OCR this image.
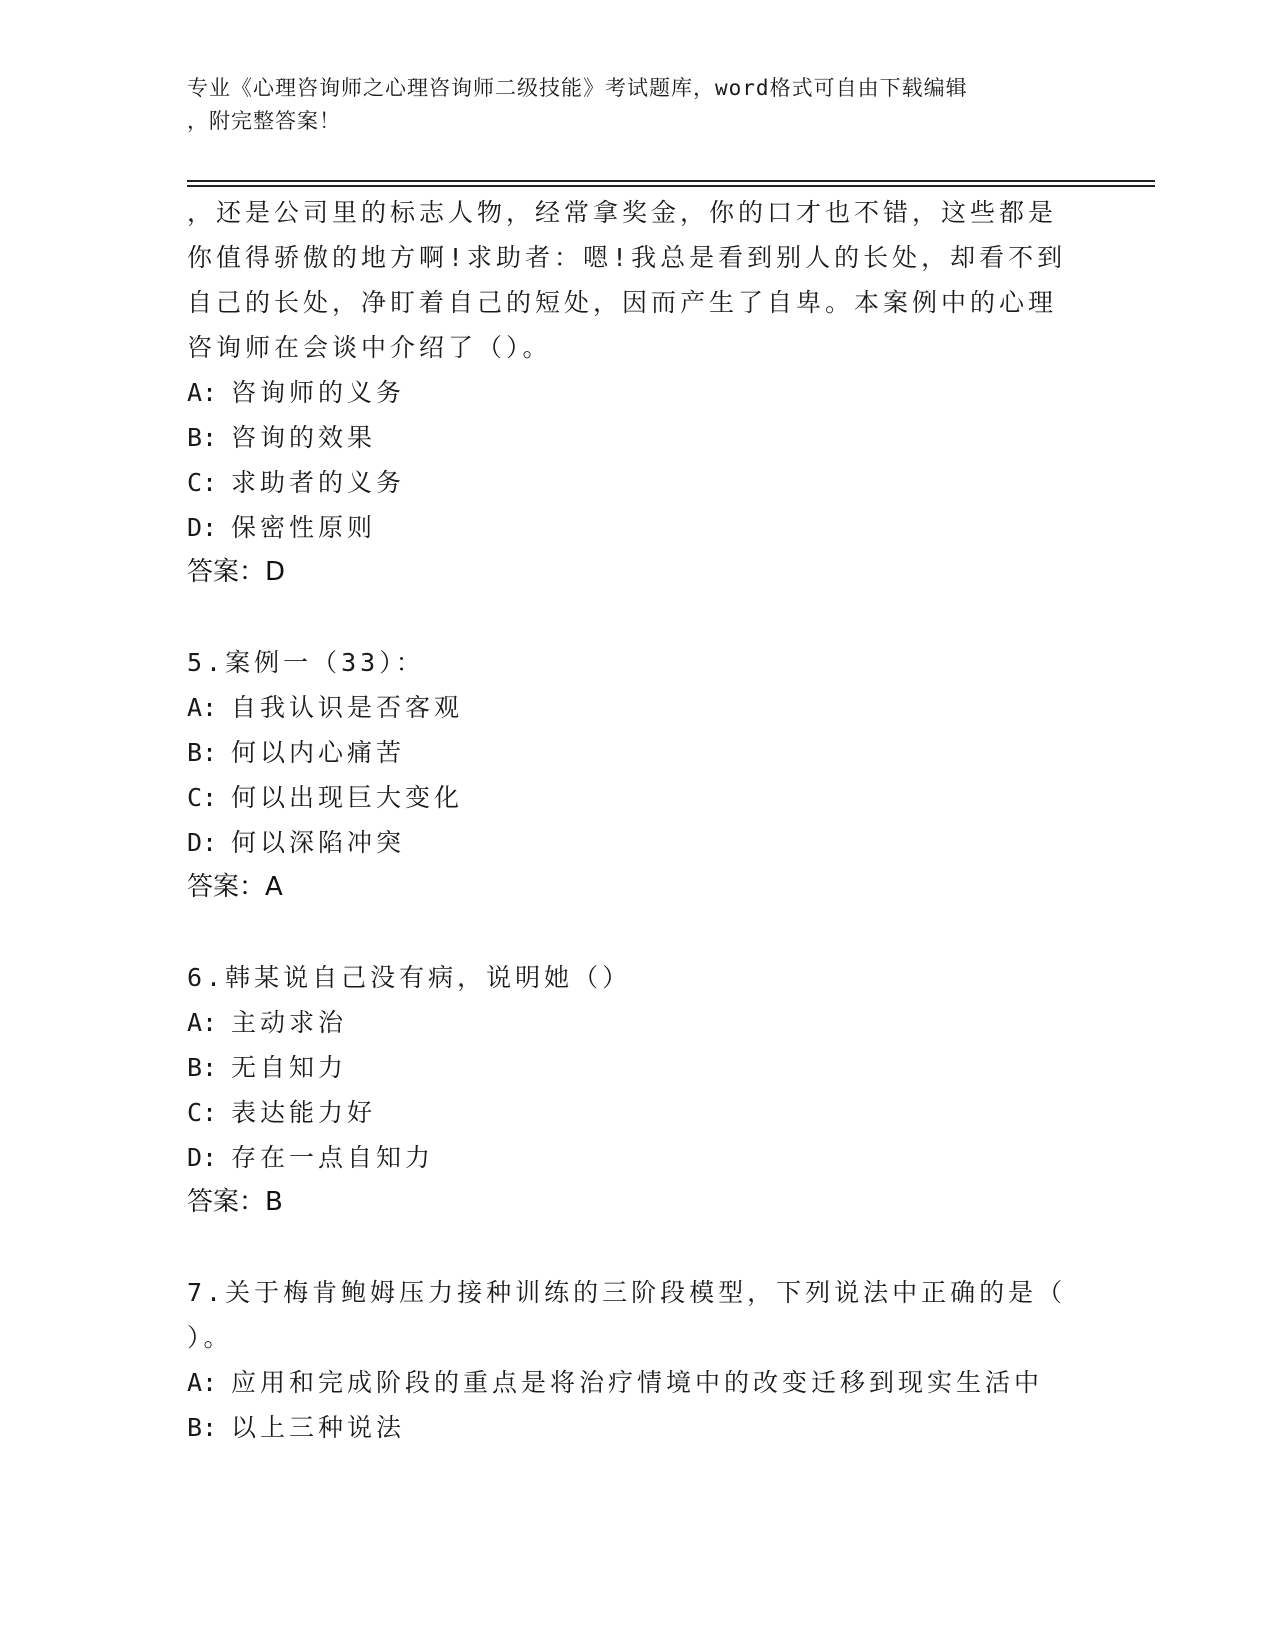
专业《心理咨询师之心理咨询师二级技能》考试题库，word格式可自由下载编辑
，附完整答案！
，还是公司里的标志人物，经常拿奖金，你的口才也不错，这些都是
你值得骄傲的地方啊!求助者：嗯!我总是看到别人的长处，却看不到
自己的长处，净盯着自己的短处，因而产生了自卑。本案例中的心理
咨询师在会谈中介绍了（）。
A: 咨询师的义务
B: 咨询的效果
C: 求助者的义务
D: 保密性原则
答案：D
5.案例一（33）：
A: 自我认识是否客观
B: 何以内心痛苦
C: 何以出现巨大变化
D: 何以深陷冲突
答案：A
6.韩某说自己没有病，说明她（）
A: 主动求治
B: 无自知力
C: 表达能力好
D: 存在一点自知力
答案：B
7.关于梅肯鲍姆压力接种训练的三阶段模型，下列说法中正确的是（
）。
A: 应用和完成阶段的重点是将治疗情境中的改变迁移到现实生活中
B: 以上三种说法
